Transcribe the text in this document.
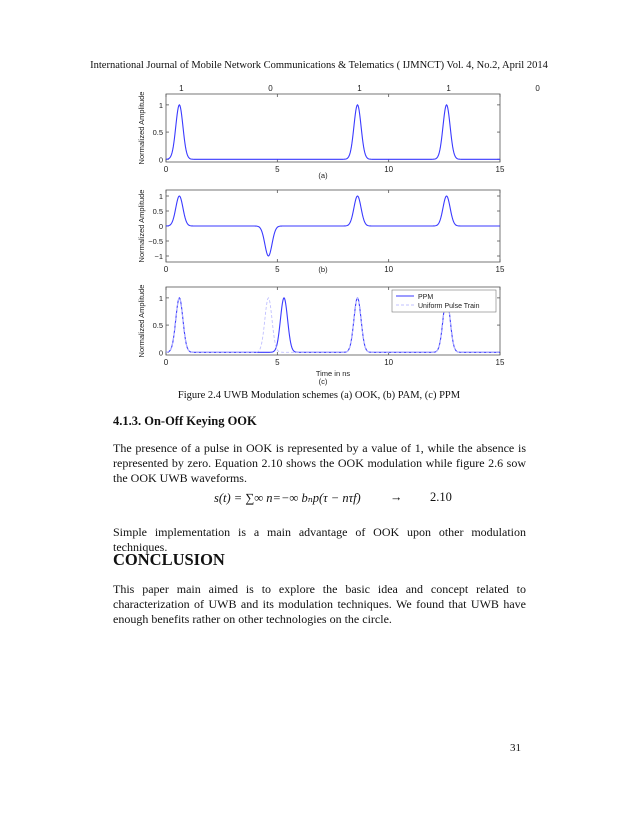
International Journal of Mobile Network Communications & Telematics ( IJMNCT) Vol. 4, No.2, April 2014
0	5	10	15
0
0.5
1
Normalized Amplitude
1	0	1	1	0
(a)
0	5	10	15
−1
−0.5
0
0.5
1
Normalized Amplitude
(b)
0	5	10	15
0
0.5
1
Normalized Amplitude	PPM
Uniform Pulse Train
Time in ns
(c)
Figure 2.4 UWB Modulation schemes (a) OOK, (b) PAM, (c) PPM
4.1.3. On-Off Keying OOK

The presence of a pulse in OOK is represented by a value of 1, while the absence is represented by zero. Equation 2.10 shows the OOK modulation while figure 2.6 sow the OOK UWB waveforms.

s(t) = ∑∞ n=−∞ bₙp(τ − nτf) → 2.10

Simple implementation is a main advantage of OOK upon other modulation techniques.

CONCLUSION

This paper main aimed is to explore the basic idea and concept related to characterization of UWB and its modulation techniques. We found that UWB have enough benefits rather on other technologies on the circle.

31
